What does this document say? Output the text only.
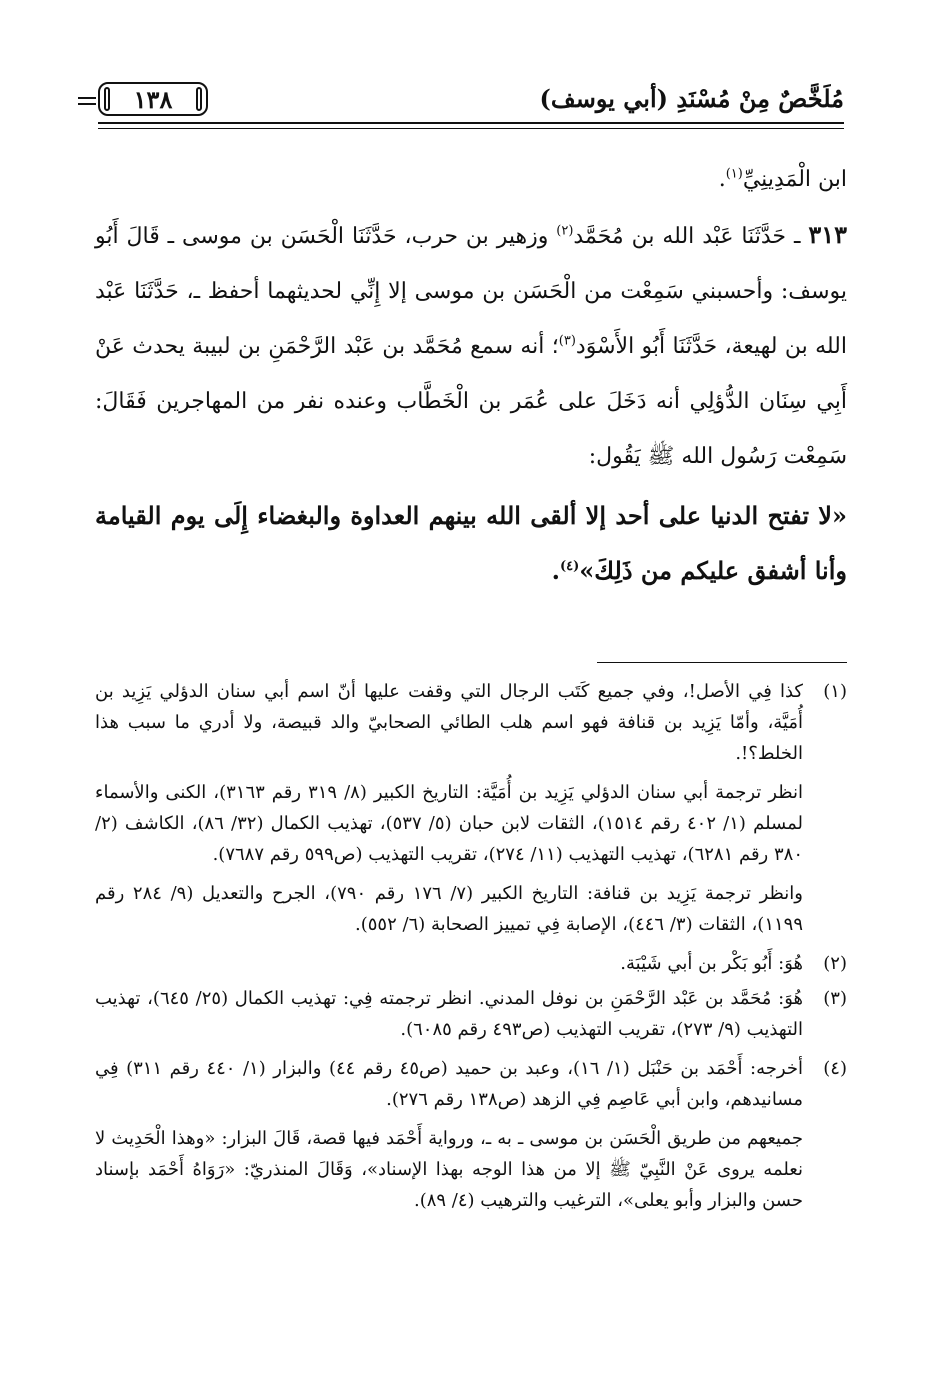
١٣٨	مُلَخَّصٌ مِنْ مُسْنَدِ (أبي يوسف)

ابن الْمَدِينِيِّ$^{(١)}$.

٣١٣ ـ حَدَّثَنَا عَبْد الله بن مُحَمَّد$^{(٢)}$ وزهير بن حرب، حَدَّثَنَا الْحَسَن بن موسى ـ قَالَ أَبُو يوسف: وأحسبني سَمِعْت من الْحَسَن بن موسى إلا إِنِّي لحديثهما أحفظ ـ، حَدَّثَنَا عَبْد الله بن لهيعة، حَدَّثَنَا أَبُو الأَسْوَد$^{(٣)}$؛ أنه سمع مُحَمَّد بن عَبْد الرَّحْمَنِ بن لبيبة يحدث عَنْ أَبِي سِنَان الدُّؤلِي أنه دَخَلَ على عُمَر بن الْخَطَّاب وعنده نفر من المهاجرين فَقَالَ: سَمِعْت رَسُول الله ﷺ يَقُول:

«لا تفتح الدنيا على أحد إلا ألقى الله بينهم العداوة والبغضاء إِلَى يوم القيامة وأنا أشفق عليكم من ذَلِكَ»$^{(٤)}$.

(١)

كذا فِي الأصل!، وفي جميع كَتَب الرجال التي وقفت عليها أنّ اسم أبي سنان الدؤلي يَزِيد بن أُمَيَّة، وأمّا يَزِيد بن قنافة فهو اسم هلب الطائي الصحابيّ والد قبيصة، ولا أدري ما سبب هذا الخلط؟!.

انظر ترجمة أبي سنان الدؤلي يَزِيد بن أُمَيَّة: التاريخ الكبير (٨/ ٣١٩ رقم ٣١٦٣)، الكنى والأسماء لمسلم (١/ ٤٠٢ رقم ١٥١٤)، الثقات لابن حبان (٥/ ٥٣٧)، تهذيب الكمال (٣٢/ ٨٦)، الكاشف (٢/ ٣٨٠ رقم ٦٢٨١)، تهذيب التهذيب (١١/ ٢٧٤)، تقريب التهذيب (ص٥٩٩ رقم ٧٦٨٧).

وانظر ترجمة يَزِيد بن قنافة: التاريخ الكبير (٧/ ١٧٦ رقم ٧٩٠)، الجرح والتعديل (٩/ ٢٨٤ رقم ١١٩٩)، الثقات (٣/ ٤٤٦)، الإصابة فِي تمييز الصحابة (٦/ ٥٥٢).

(٢)

هُوَ: أَبُو بَكْر بن أبي شَيْبَة.

(٣)

هُوَ: مُحَمَّد بن عَبْد الرَّحْمَنِ بن نوفل المدني. انظر ترجمته فِي: تهذيب الكمال (٢٥/ ٦٤٥)، تهذيب التهذيب (٩/ ٢٧٣)، تقريب التهذيب (ص٤٩٣ رقم ٦٠٨٥).

(٤)

أخرجه: أَحْمَد بن حَنْبَل (١/ ١٦)، وعبد بن حميد (ص٤٥ رقم ٤٤) والبزار (١/ ٤٤٠ رقم ٣١١) فِي مسانيدهم، وابن أبي عَاصِم فِي الزهد (ص١٣٨ رقم ٢٧٦).

جميعهم من طريق الْحَسَن بن موسى ـ به ـ، ورواية أَحْمَد فيها قصة، قَالَ البزار: «وهذا الْحَدِيث لا نعلمه يروى عَنْ النَّبِيّ ﷺ إلا من هذا الوجه بهذا الإسناد»، وَقَالَ المنذريّ: «رَوَاهُ أَحْمَد بإسناد حسن والبزار وأبو يعلى»، الترغيب والترهيب (٤/ ٨٩).
